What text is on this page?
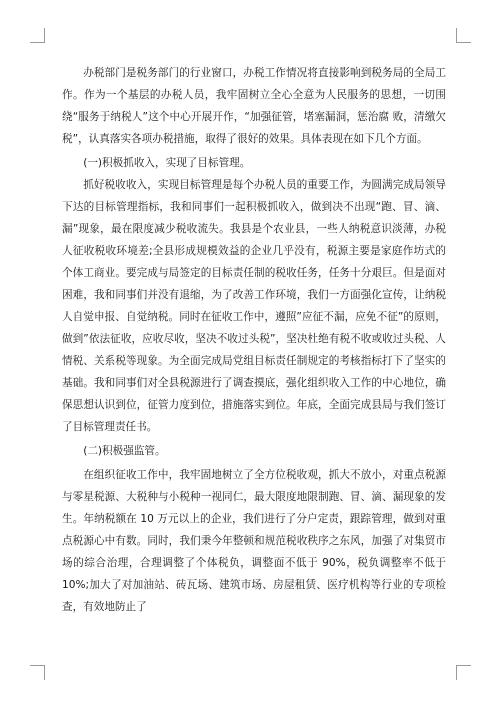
办税部门是税务部门的行业窗口，办税工作情况将直接影响到税务局的全局工作。作为一个基层的办税人员，我牢固树立全心全意为人民服务的思想，一切围绕“服务于纳税人”这个中心开展开作，“加强征管，堵塞漏洞，惩治腐 败，清缴欠税”，认真落实各项办税措施，取得了很好的效果。具体表现在如下几个方面。

(一)积极抓收入，实现了目标管理。

抓好税收收入，实现目标管理是每个办税人员的重要工作，为圆满完成局领导下达的目标管理指标，我和同事们一起积极抓收入，做到决不出现“跑、冒、滴、漏”现象，最在限度减少税收流失。我县是个农业县，一些人纳税意识淡薄，办税人征收税收环境差;全县形成规模效益的企业几乎没有，税源主要是家庭作坊式的个体工商业。要完成与局签定的目标责任制的税收任务，任务十分艰巨。但是面对困难，我和同事们并没有退缩，为了改善工作环境，我们一方面强化宣传，让纳税人自觉申报、自觉纳税。同时在征收工作中，遵照”应征不漏，应免不征”的原则，做到”依法征收，应收尽收，坚决不收过头税”，坚决杜绝有税不收或收过头税、人情税、关系税等现象。为全面完成局党组目标责任制规定的考核指标打下了坚实的基础。我和同事们对全县税源进行了调查摸底，强化组织收入工作的中心地位，确保思想认识到位，征管力度到位，措施落实到位。年底，全面完成县局与我们签订了目标管理责任书。

(二)积极强监管。

在组织征收工作中，我牢固地树立了全方位税收观，抓大不放小，对重点税源与零星税源、大税种与小税种一视同仁，最大限度地限制跑、冒、滴、漏现象的发生。年纳税额在 10 万元以上的企业，我们进行了分户定责，跟踪管理，做到对重点税源心中有数。同时，我们秉今年整顿和规范税收秩序之东风，加强了对集贸市场的综合治理，合理调整了个体税负，调整面不低于 90%，税负调整率不低于 10%;加大了对加油站、砖瓦场、建筑市场、房屋租赁、医疗机构等行业的专项检查，有效地防止了
